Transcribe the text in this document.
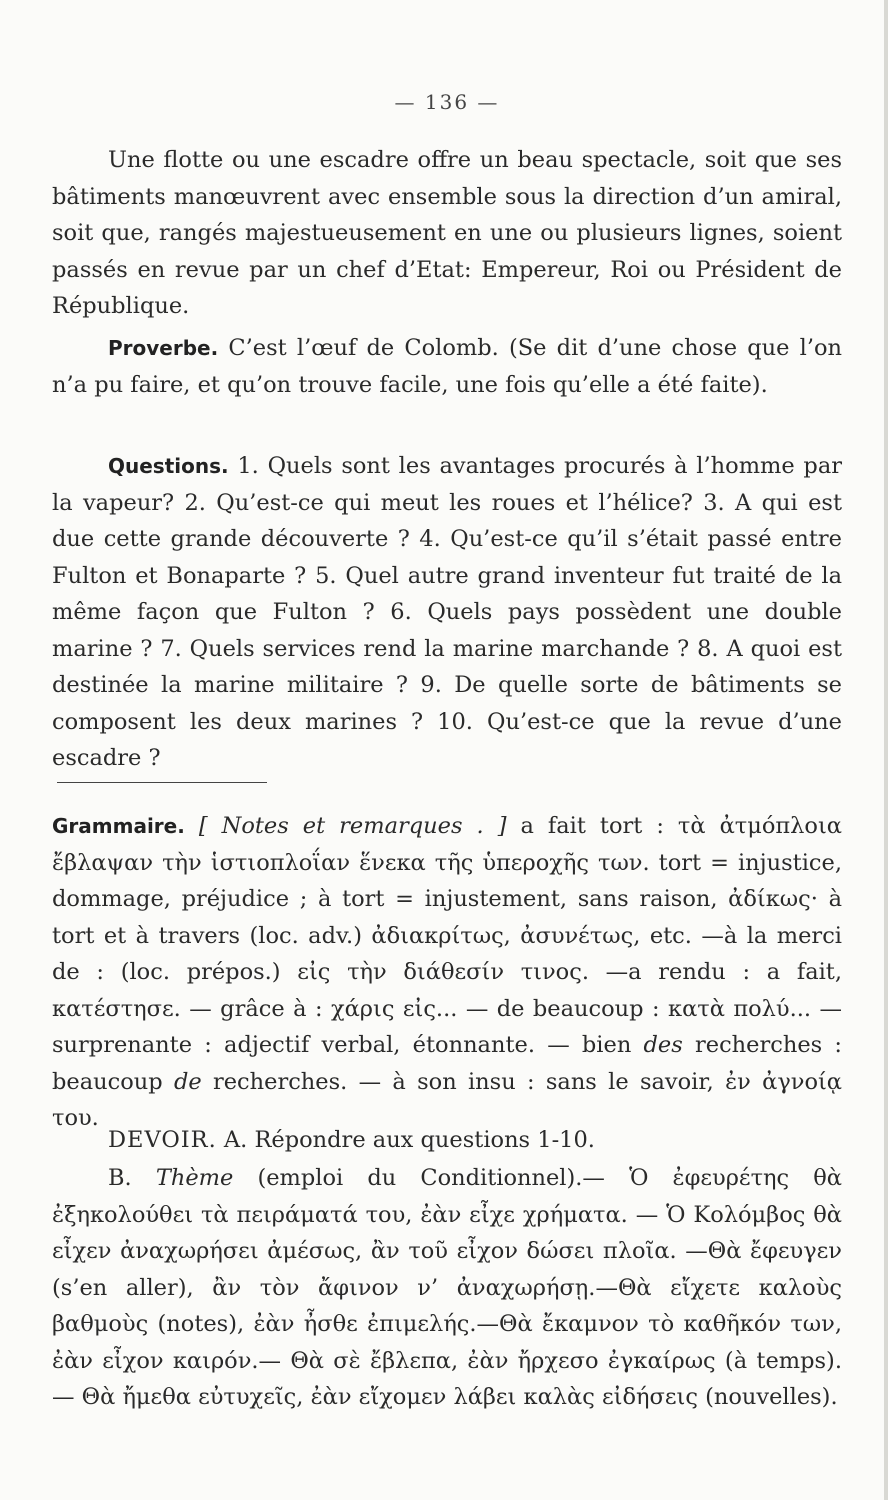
— 136 —
Une flotte ou une escadre offre un beau spectacle, soit que ses bâtiments manœuvrent avec ensemble sous la direction d’un amiral, soit que, rangés majestueusement en une ou plusieurs lignes, soient passés en revue par un chef d’Etat: Empereur, Roi ou Président de République.
Proverbe. C’est l’œuf de Colomb. (Se dit d’une chose que l’on n’a pu faire, et qu’on trouve facile, une fois qu’elle a été faite).
Questions. 1. Quels sont les avantages procurés à l’homme par la vapeur? 2. Qu’est-ce qui meut les roues et l’hélice? 3. A qui est due cette grande découverte ? 4. Qu’est-ce qu’il s’était passé entre Fulton et Bonaparte ? 5. Quel autre grand inventeur fut traité de la même façon que Fulton ? 6. Quels pays possèdent une double marine ? 7. Quels services rend la marine marchande ? 8. A quoi est destinée la marine militaire ? 9. De quelle sorte de bâtiments se composent les deux marines ? 10. Qu’est-ce que la revue d’une escadre ?
Grammaire. [ Notes et remarques . ] a fait tort : τὰ ἀτμόπλοια ἔβλαψαν τὴν ἱστιοπλοΐαν ἕνεκα τῆς ὑπεροχῆς των. tort = injustice, dommage, préjudice ; à tort = injustement, sans raison, ἀδίκως· à tort et à travers (loc. adv.) ἀδιακρίτως, ἀσυνέτως, etc. —à la merci de : (loc. prépos.) εἰς τὴν διάθεσίν τινος. —a rendu : a fait, κατέστησε. — grâce à : χάρις εἰς... — de beaucoup : κατὰ πολύ... — surprenante : adjectif verbal, étonnante. — bien des recherches : beaucoup de recherches. — à son insu : sans le savoir, ἐν ἀγνοίᾳ του.
DEVOIR. A. Répondre aux questions 1-10.
B. Thème (emploi du Conditionnel).— Ὁ ἐφευρέτης θὰ ἐξηκολούθει τὰ πειράματά του, ἐὰν εἶχε χρήματα. — Ὁ Κολόμβος θὰ εἶχεν ἀναχωρήσει ἀμέσως, ἂν τοῦ εἶχον δώσει πλοῖα. —Θὰ ἔφευγεν (s’en aller), ἂν τὸν ἄφινον ν’ ἀναχωρήσῃ.—Θὰ εἴχετε καλοὺς βαθμοὺς (notes), ἐὰν ἦσθε ἐπιμελής.—Θὰ ἔκαμνον τὸ καθῆκόν των, ἐὰν εἶχον καιρόν.— Θὰ σὲ ἔβλεπα, ἐὰν ἤρχεσο ἐγκαίρως (à temps).— Θὰ ἤμεθα εὐτυχεῖς, ἐὰν εἴχομεν λάβει καλὰς εἰδήσεις (nouvelles).
